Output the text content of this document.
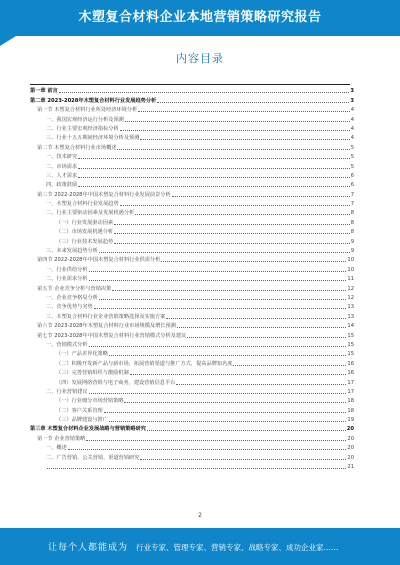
木塑复合材料企业本地营销策略研究报告
内容目录
第一章 前言	3
第二章 2023-2028年木塑复合材料行业发展趋势分析	3
第一节 木塑复合材料行业所处经济环境分析	4
一、我国宏观经济运行分析及预测	4
二、行业主要宏观经济指标分析	4
三、行业十五五期间经济环境分析及预测	4
第二节 木塑复合材料行业市场概述	5
一、技术研究	5
二、市场需求	5
三、人才需求	6
四、政策鼓励	6
第三节 2022-2028年中国木塑复合材料行业发展前景分析	7
一、木塑复合材料行业发展趋势	7
二、行业主要驱动因素及发展机遇分析	8
（一）行业发展驱动因素	8
（二）市场发展机遇分析	8
（三）行业技术发展趋势	9
三、未来发展趋势分析	9
第四节 2022-2028年中国木塑复合材料行业供需分析	10
一、行业供给分析	10
二、行业需求分析	11
第五节 企业竞争分析与营销决策	12
一、企业竞争格局分析	12
二、竞争优势与劣势	13
三、木塑复合材料行业企业营销策略选择及实施方案	13
第六节 2023-2028年木塑复合材料行业市场规模及增长预测	14
第七节 2023-2028年中国木塑复合材料行业营销模式分析及建议	15
一、营销模式分析	15
（一）产品差异化策略	15
（二）积极开发新产品与新市场，拓展营销渠道与推广方式，提高品牌知名度	16
（三）完善营销组织与激励机制	16
（四）发展网络营销与电子商务，建设营销信息平台	17
二、行业营销建议	17
（一）行业细分市场营销策略	18
（二）客户关系管理	18
（三）品牌建设与推广	19
第三章 木塑复合材料企业发展战略与营销策略研究	20
第一节 企业营销策略	20
一、概述	20
二、广告营销、公关营销、渠道营销研究	20
21
2
让每个人都能成为 行业专家、管理专家、营销专家、战略专家、成功企业家……
